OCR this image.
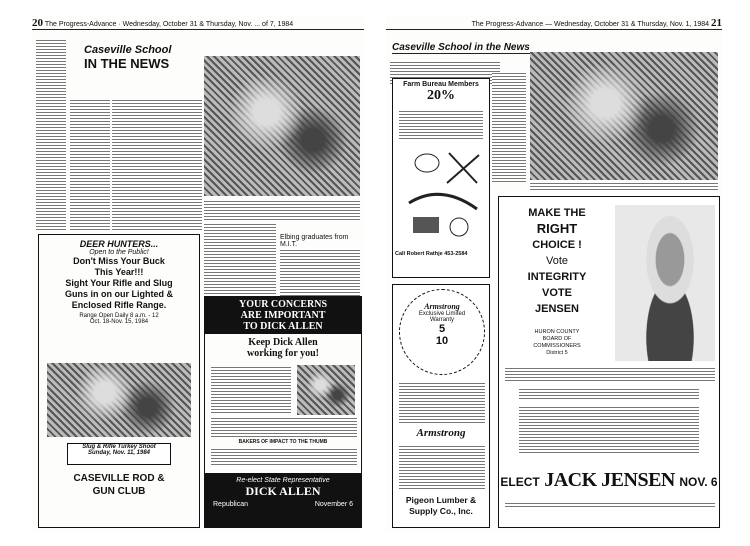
20 The Progress-Advance · Wednesday, October 31 & Thursday, Nov. ... of 7, 1984
Caseville School
IN THE NEWS
Elbing graduates from M.I.T.
DEER HUNTERS...
Open to the Public!
Don't Miss Your Buck
This Year!!!
Sight Your Rifle and Slug
Guns in on our Lighted &
Enclosed Rifle Range.
Range Open Daily 8 a.m. - 12
Oct. 18-Nov. 15, 1984
Slug & Rifle Turkey Shoot
Sunday, Nov. 11, 1984
CASEVILLE ROD &
GUN CLUB
YOUR CONCERNS
ARE IMPORTANT
TO DICK ALLEN
Keep Dick Allen
working for you!
BAKERS OF IMPACT TO THE THUMB
Re-elect State Representative
DICK ALLEN
Republican	November 6
The Progress-Advance — Wednesday, October 31 & Thursday, Nov. 1, 1984 21
Caseville School in the News
Farm Bureau Members
20%
Call Robert Rathje 453-2584
Armstrong
Exclusive Limited
Warranty
5
10
Armstrong
Pigeon Lumber &
Supply Co., Inc.
MAKE THE
RIGHT
CHOICE !
Vote
INTEGRITY
VOTE
JENSEN
HURON COUNTY
BOARD OF
COMMISSIONERS
District 5
ELECT JACK JENSEN NOV. 6
